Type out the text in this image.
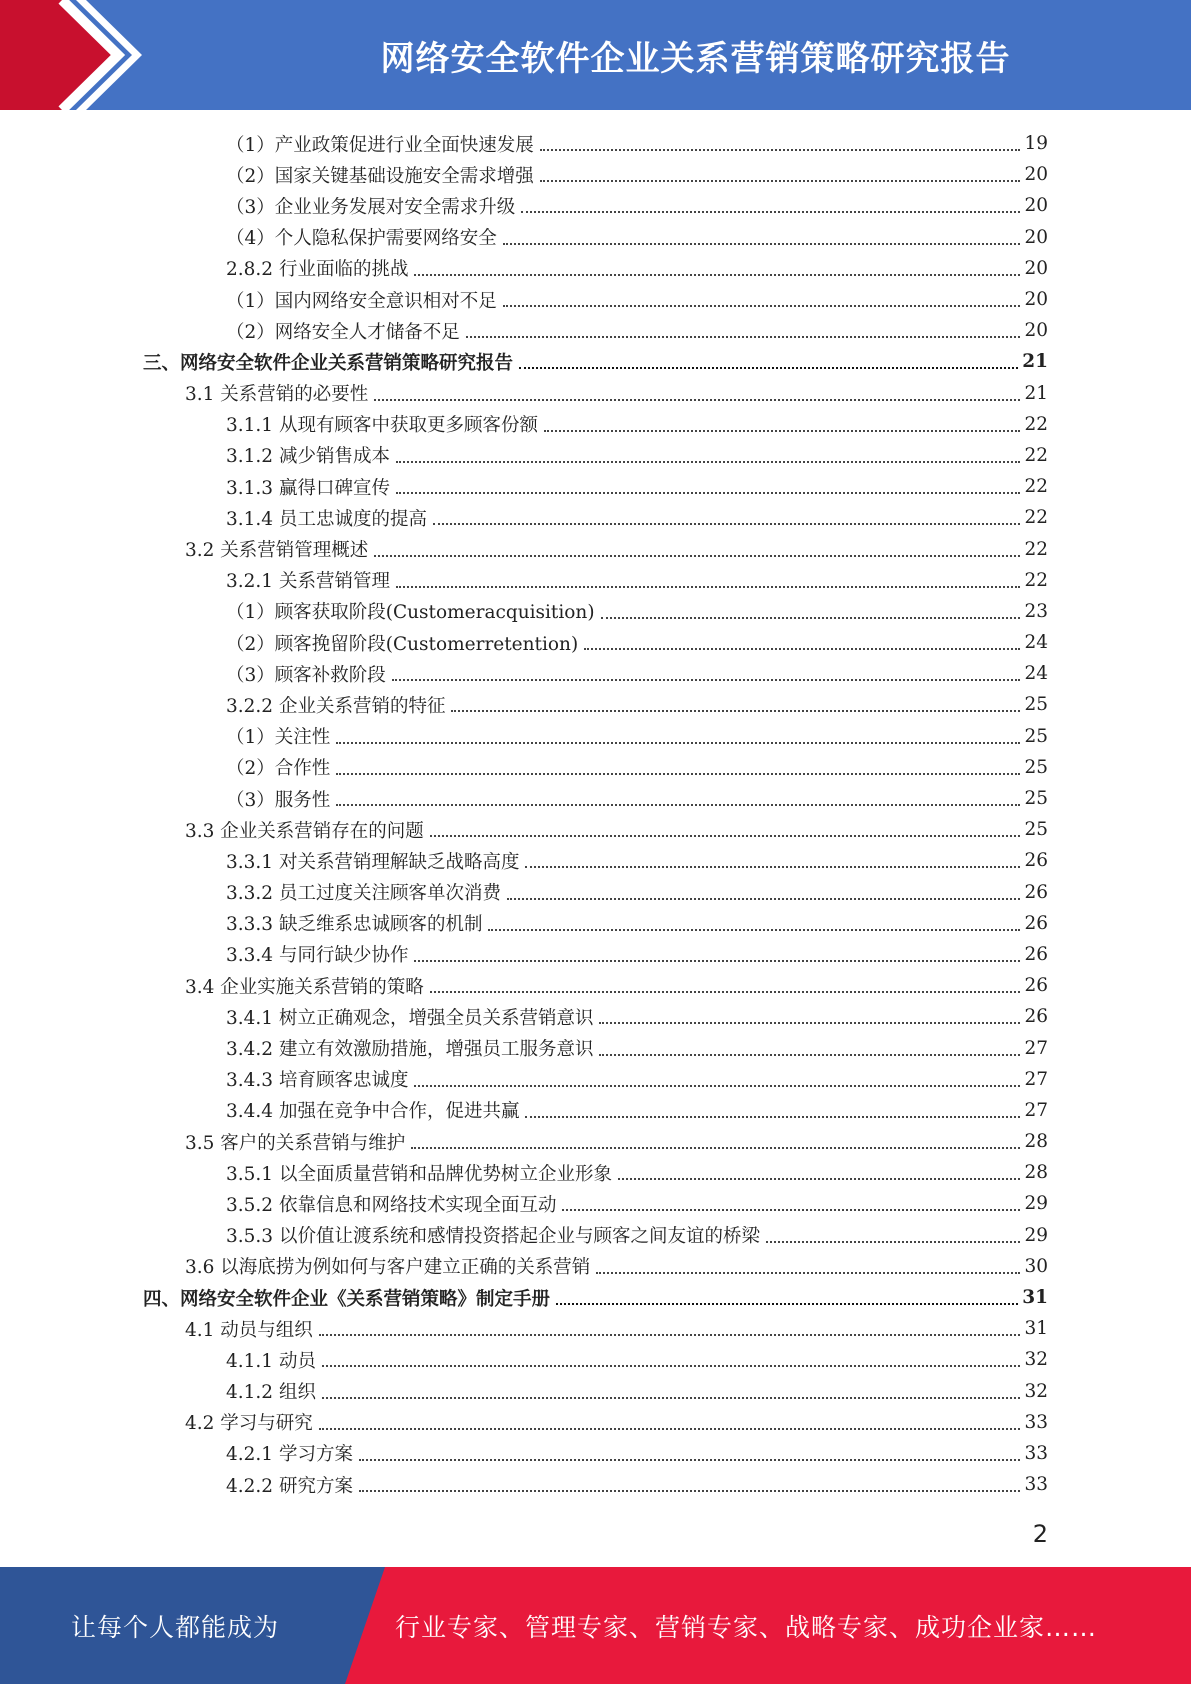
网络安全软件企业关系营销策略研究报告
（1）产业政策促进行业全面快速发展	19
（2）国家关键基础设施安全需求增强	20
（3）企业业务发展对安全需求升级	20
（4）个人隐私保护需要网络安全	20
2.8.2 行业面临的挑战	20
（1）国内网络安全意识相对不足	20
（2）网络安全人才储备不足	20
三、网络安全软件企业关系营销策略研究报告	21
3.1 关系营销的必要性	21
3.1.1 从现有顾客中获取更多顾客份额	22
3.1.2 减少销售成本	22
3.1.3 赢得口碑宣传	22
3.1.4 员工忠诚度的提高	22
3.2 关系营销管理概述	22
3.2.1 关系营销管理	22
（1）顾客获取阶段(Customeracquisition)	23
（2）顾客挽留阶段(Customerretention)	24
（3）顾客补救阶段	24
3.2.2 企业关系营销的特征	25
（1）关注性	25
（2）合作性	25
（3）服务性	25
3.3 企业关系营销存在的问题	25
3.3.1 对关系营销理解缺乏战略高度	26
3.3.2 员工过度关注顾客单次消费	26
3.3.3 缺乏维系忠诚顾客的机制	26
3.3.4 与同行缺少协作	26
3.4 企业实施关系营销的策略	26
3.4.1 树立正确观念，增强全员关系营销意识	26
3.4.2 建立有效激励措施，增强员工服务意识	27
3.4.3 培育顾客忠诚度	27
3.4.4 加强在竞争中合作，促进共赢	27
3.5 客户的关系营销与维护	28
3.5.1 以全面质量营销和品牌优势树立企业形象	28
3.5.2 依靠信息和网络技术实现全面互动	29
3.5.3 以价值让渡系统和感情投资搭起企业与顾客之间友谊的桥梁	29
3.6 以海底捞为例如何与客户建立正确的关系营销	30
四、网络安全软件企业《关系营销策略》制定手册	31
4.1 动员与组织	31
4.1.1 动员	32
4.1.2 组织	32
4.2 学习与研究	33
4.2.1 学习方案	33
4.2.2 研究方案	33
2
让每个人都能成为	行业专家、管理专家、营销专家、战略专家、成功企业家……
